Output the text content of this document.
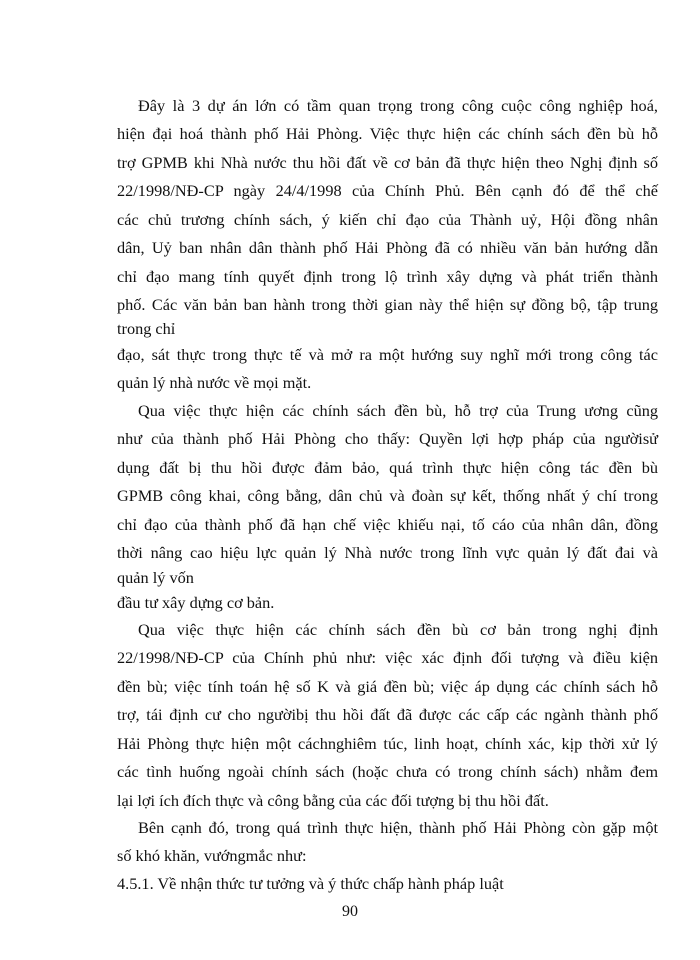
Đây là 3 dự án lớn có tầm quan trọng trong công cuộc công nghiệp hoá,
hiện đại hoá thành phố Hải Phòng. Việc thực hiện các chính sách đền bù hỗ
trợ GPMB khi Nhà nước thu hồi đất về cơ bản đã thực hiện theo Nghị định số
22/1998/NĐ-CP ngày 24/4/1998 của Chính Phủ. Bên cạnh đó để thể chế
các chủ trương chính sách, ý kiến chỉ đạo của Thành uỷ, Hội đồng nhân
dân, Uỷ ban nhân dân thành phố Hải Phòng đã có nhiều văn bản hướng dẫn
chỉ đạo mang tính quyết định trong lộ trình xây dựng và phát triển thành
phố. Các văn bản ban hành trong thời gian này thể hiện sự đồng bộ, tập trung
trong chỉ
đạo, sát thực trong thực tế và mở ra một hướng suy nghĩ mới trong công tác
quản lý nhà nước về mọi mặt.
Qua việc thực hiện các chính sách đền bù, hỗ trợ của Trung ương cũng
như của thành phố Hải Phòng cho thấy: Quyền lợi hợp pháp của ngườisử
dụng đất bị thu hồi được đảm bảo, quá trình thực hiện công tác đền bù
GPMB công khai, công bằng, dân chủ và đoàn sự kết, thống nhất ý chí trong
chỉ đạo của thành phố đã hạn chế việc khiếu nại, tố cáo của nhân dân, đồng
thời nâng cao hiệu lực quản lý Nhà nước trong lĩnh vực quản lý đất đai và
quản lý vốn
đầu tư xây dựng cơ bản.
Qua việc thực hiện các chính sách đền bù cơ bản trong nghị định
22/1998/NĐ-CP của Chính phủ như: việc xác định đối tượng và điều kiện
đền bù; việc tính toán hệ số K và giá đền bù; việc áp dụng các chính sách hỗ
trợ, tái định cư cho ngườibị thu hồi đất đã được các cấp các ngành thành phố
Hải Phòng thực hiện một cáchnghiêm túc, linh hoạt, chính xác, kịp thời xử lý
các tình huống ngoài chính sách (hoặc chưa có trong chính sách) nhằm đem
lại lợi ích đích thực và công bằng của các đối tượng bị thu hồi đất.
Bên cạnh đó, trong quá trình thực hiện, thành phố Hải Phòng còn gặp một
số khó khăn, vướngmắc như:
4.5.1. Về nhận thức tư tưởng và ý thức chấp hành pháp luật
90
